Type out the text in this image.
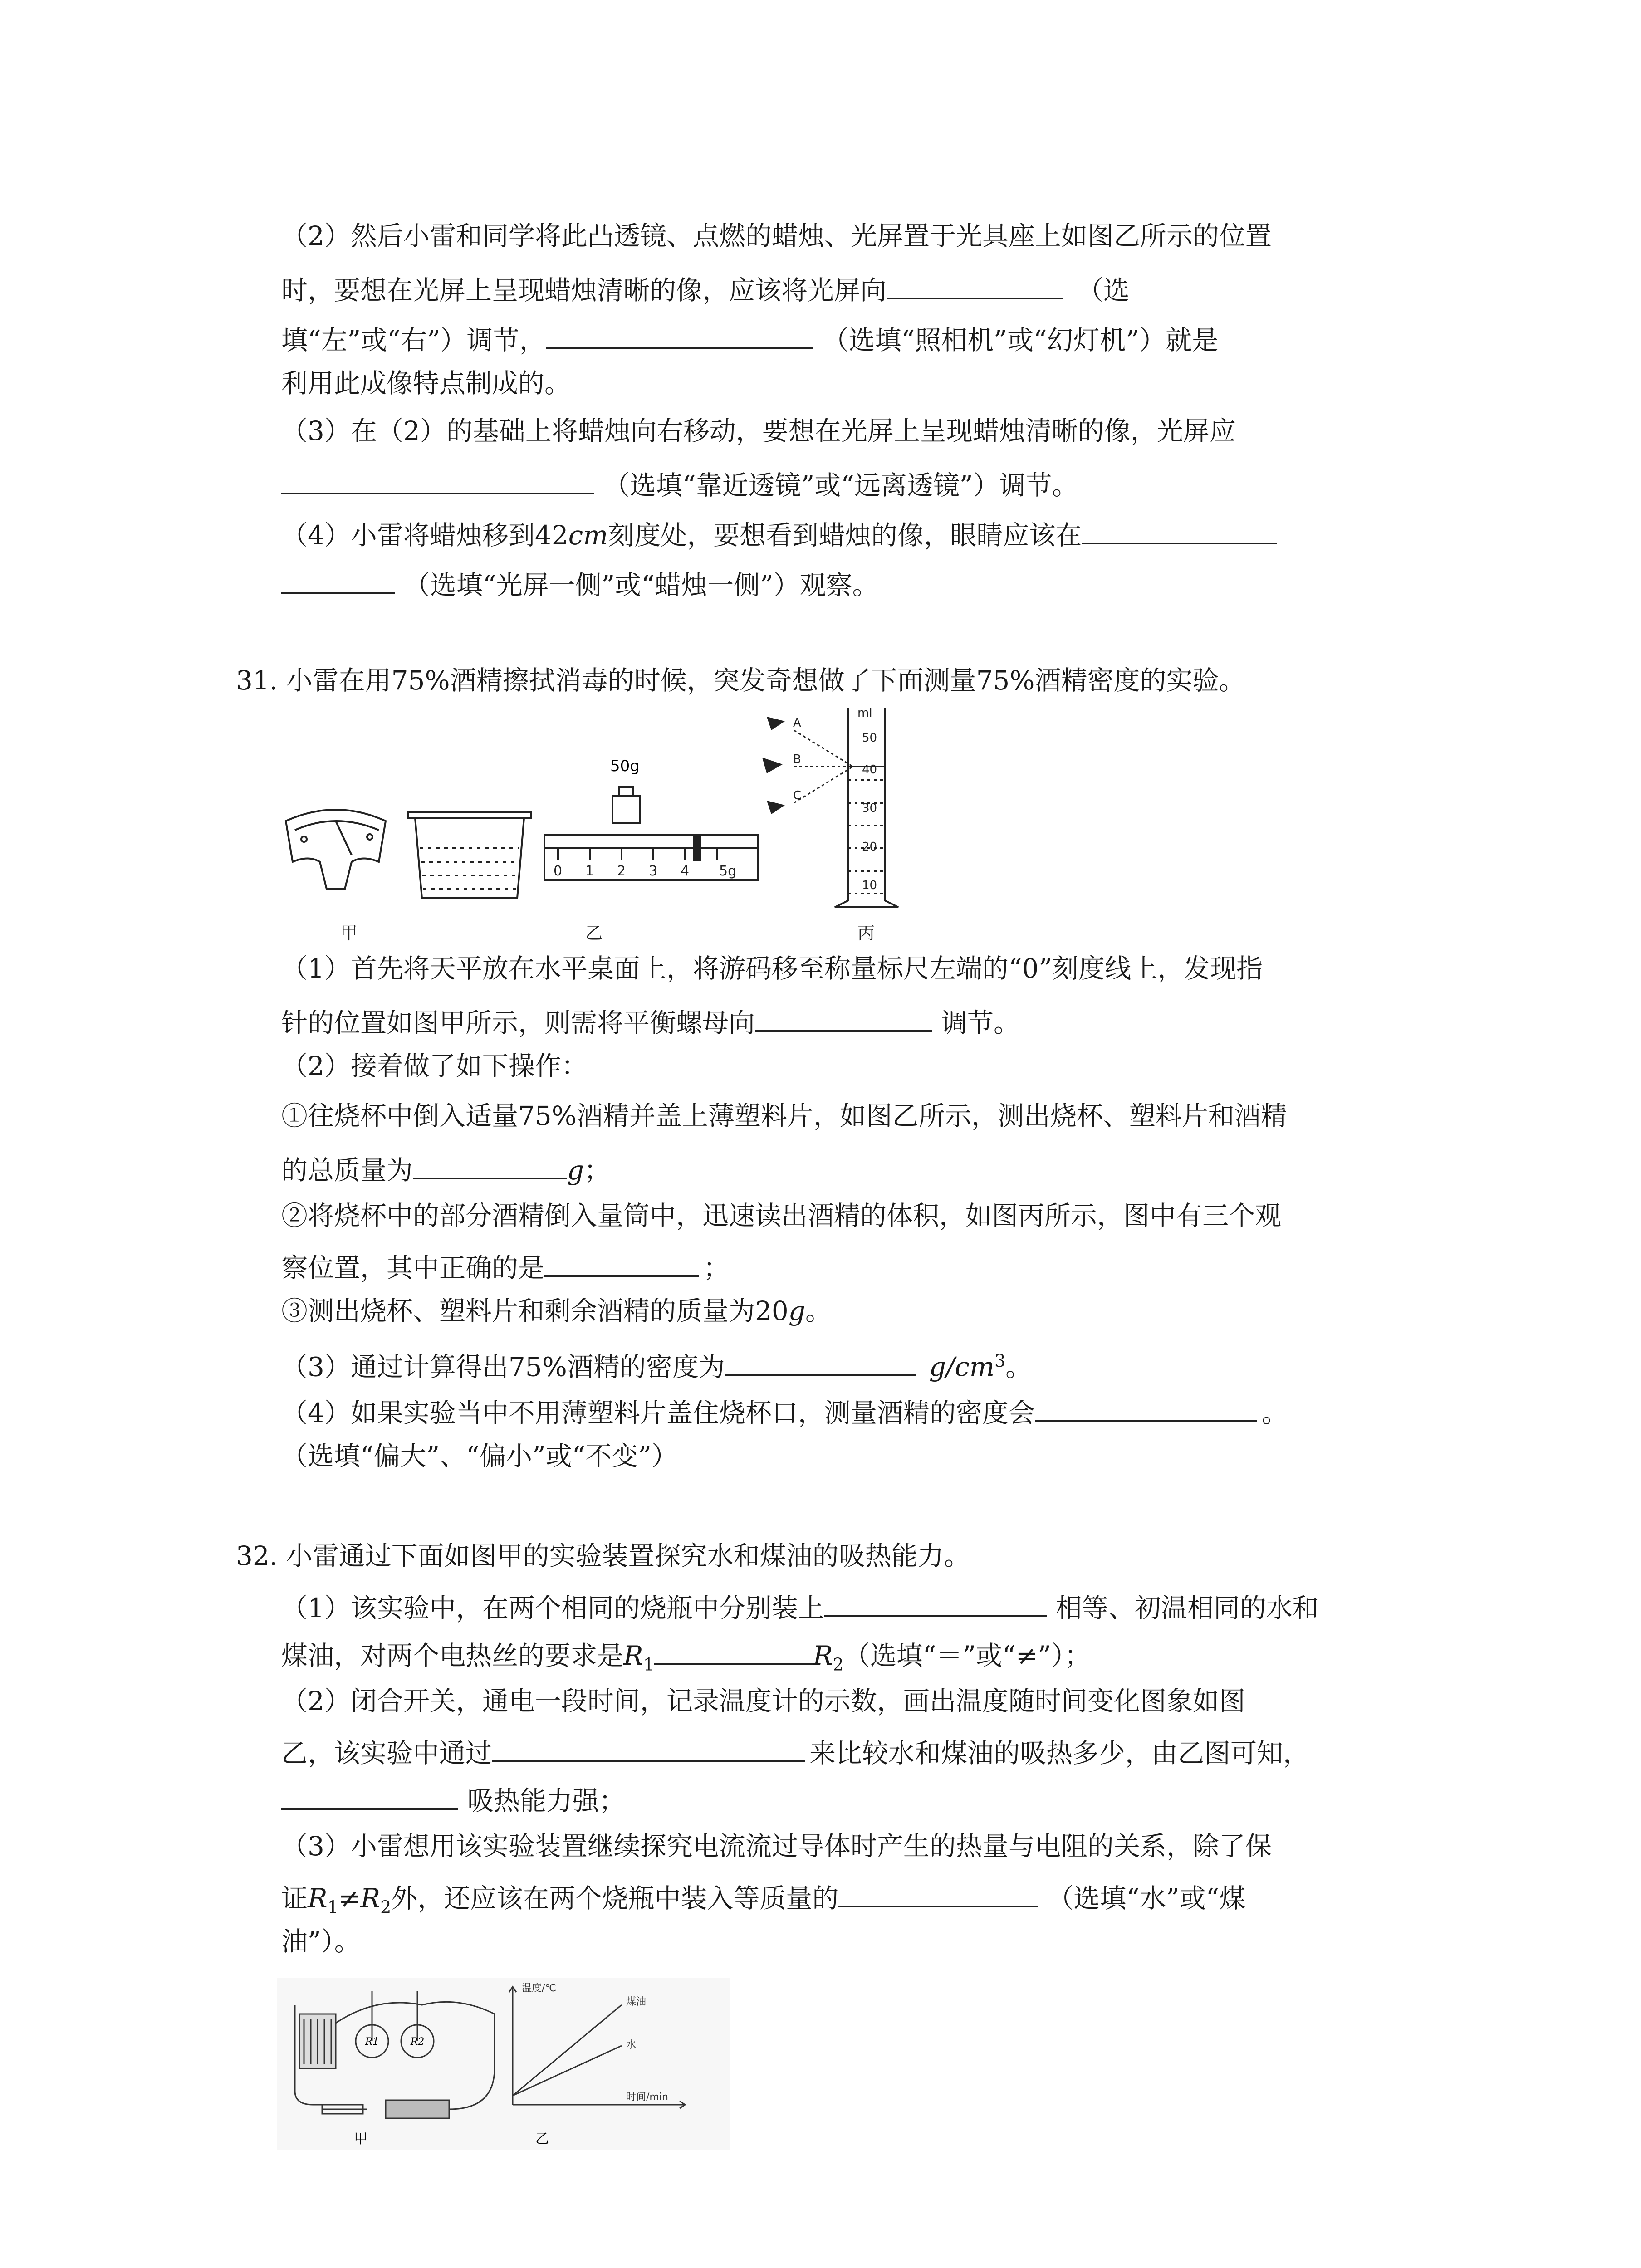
（2）然后小雷和同学将此凸透镜、点燃的蜡烛、光屏置于光具座上如图乙所示的位置
时，要想在光屏上呈现蜡烛清晰的像，应该将光屏向	（选
填“左”或“右”）调节，	（选填“照相机”或“幻灯机”）就是
利用此成像特点制成的。
（3）在（2）的基础上将蜡烛向右移动，要想在光屏上呈现蜡烛清晰的像，光屏应
（选填“靠近透镜”或“远离透镜”）调节。
（4）小雷将蜡烛移到42cm刻度处，要想看到蜡烛的像，眼睛应该在
（选填“光屏一侧”或“蜡烛一侧”）观察。
31. 小雷在用75%酒精擦拭消毒的时候，突发奇想做了下面测量75%酒精密度的实验。
50g
0 1 2 3 4 5g
ml
50
40
30
20
10
A
B
C
甲	乙	丙
（1）首先将天平放在水平桌面上，将游码移至称量标尺左端的“0”刻度线上，发现指
针的位置如图甲所示，则需将平衡螺母向	调节。
（2）接着做了如下操作：
①往烧杯中倒入适量75%酒精并盖上薄塑料片，如图乙所示，测出烧杯、塑料片和酒精
的总质量为	g；
②将烧杯中的部分酒精倒入量筒中，迅速读出酒精的体积，如图丙所示，图中有三个观
察位置，其中正确的是	；
③测出烧杯、塑料片和剩余酒精的质量为20g。
（3）通过计算得出75%酒精的密度为	$g/cm^3$。
（4）如果实验当中不用薄塑料片盖住烧杯口，测量酒精的密度会	。
（选填“偏大”、“偏小”或“不变”）
32. 小雷通过下面如图甲的实验装置探究水和煤油的吸热能力。
（1）该实验中，在两个相同的烧瓶中分别装上	相等、初温相同的水和
煤油，对两个电热丝的要求是$R_1$	$R_2$（选填“＝”或“≠”）；
（2）闭合开关，通电一段时间，记录温度计的示数，画出温度随时间变化图象如图
乙，该实验中通过	来比较水和煤油的吸热多少，由乙图可知，
吸热能力强；
（3）小雷想用该实验装置继续探究电流流过导体时产生的热量与电阻的关系，除了保
证$R_1\ne R_2$外，还应该在两个烧瓶中装入等质量的	（选填“水”或“煤
油”）。
R1	R2
甲
温度/℃
时间/min
煤油
水
乙
